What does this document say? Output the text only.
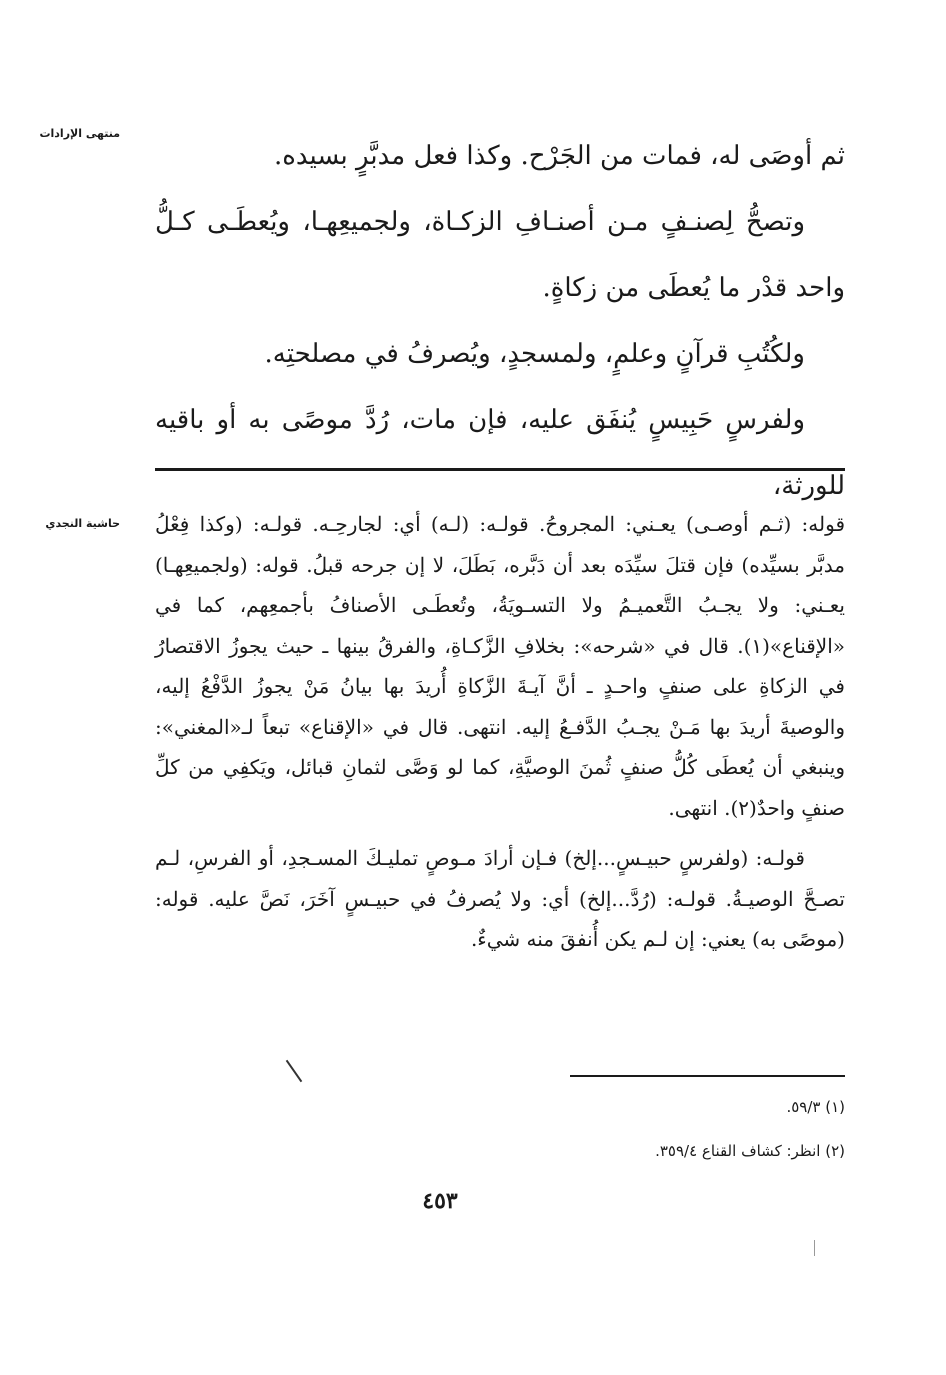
منتهى الإرادات

ثم أوصَى له، فمات من الجَرْح. وكذا فعل مدبَّرٍ بسيده.

وتصحُّ لِصنـفٍ مـن أصنـافِ الزكـاة، ولجميعِهـا، ويُعطَـى كـلُّ واحد قدْر ما يُعطَى من زكاةٍ.

ولكُتُبِ قرآنٍ وعلمٍ، ولمسجدٍ، ويُصرفُ في مصلحتِه.

ولفرسٍ حَبِيسٍ يُنفَق عليه، فإن مات، رُدَّ موصًى به أو باقيه للورثة،

حاشية النجدي قوله: (ثـم أوصـى) يعـني: المجروحُ. قولـه: (لـه) أي: لجارحِـه. قولـه: (وكذا فِعْلُ مدبَّر بسيِّده) فإن قتلَ سيِّدَه بعد أن دَبَّره، بَطَلَ، لا إن جرحه قبلُ. قوله: (ولجميعِهـا) يعـني: ولا يجـبُ التَّعميـمُ ولا التسـويَةُ، وتُعطَـى الأصنافُ بأجمعِهم، كما في «الإقناع»(١). قال في «شرحه»: بخلافِ الزَّكـاةِ، والفرقُ بينها ـ حيث يجوزُ الاقتصارُ في الزكاةِ على صنفٍ واحـدٍ ـ أنَّ آيـةَ الزَّكاةِ أُريدَ بها بيانُ مَنْ يجوزُ الدَّفْعُ إليه، والوصيةَ أريدَ بها مَـنْ يجـبُ الدَّفـعُ إليه. انتهى. قال في «الإقناع» تبعاً لـ«المغني»: وينبغي أن يُعطَى كُلُّ صنفٍ ثُمنَ الوصيَّةِ، كما لو وَصَّى لثمانِ قبائل، ويَكفِي من كلِّ صنفٍ واحدٌ(٢). انتهى.

قولـه: (ولفرسٍ حبيـسٍ...إلخ) فـإن أرادَ مـوصٍ تمليـكَ المسـجدِ، أو الفرسِ، لـم تصـحَّ الوصيـةُ. قولـه: (رُدَّ...إلخ) أي: ولا يُصرفُ في حبيـسٍ آخَرَ، نَصَّ عليه. قوله: (موصًى به) يعني: إن لـم يكن أُنفقَ منه شيءٌ.

(١) ٥٩/٣.
(٢) انظر: كشاف القناع ٣٥٩/٤.
٤٥٣
